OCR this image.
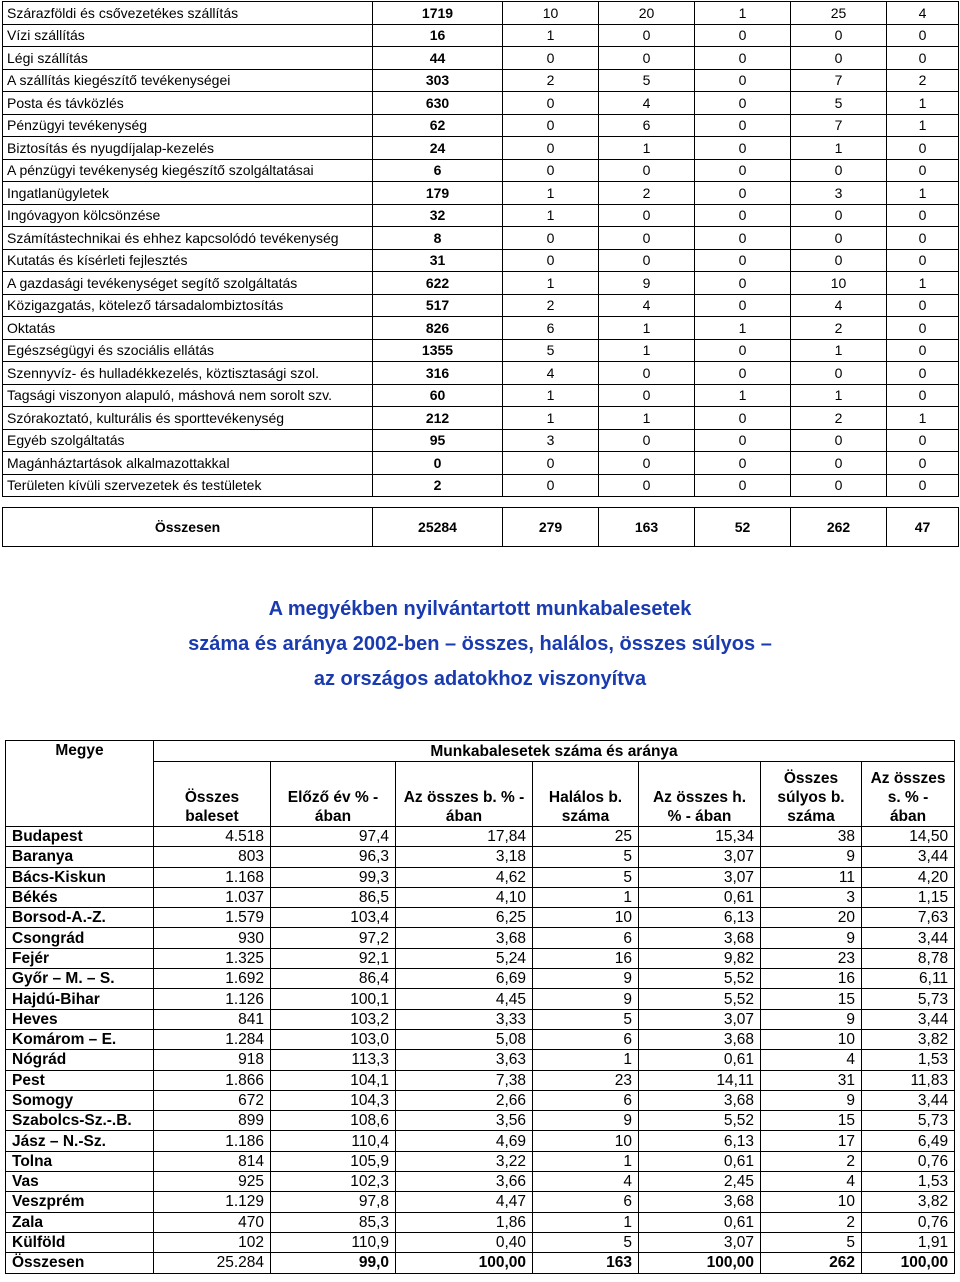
Szárazföldi és csővezetékes szállítás	1719	10	20	1	25	4
Vízi szállítás	16	1	0	0	0	0
Légi szállítás	44	0	0	0	0	0
A szállítás kiegészítő tevékenységei	303	2	5	0	7	2
Posta és távközlés	630	0	4	0	5	1
Pénzügyi tevékenység	62	0	6	0	7	1
Biztosítás és nyugdíjalap-kezelés	24	0	1	0	1	0
A pénzügyi tevékenység kiegészítő szolgáltatásai	6	0	0	0	0	0
Ingatlanügyletek	179	1	2	0	3	1
Ingóvagyon kölcsönzése	32	1	0	0	0	0
Számítástechnikai és ehhez kapcsolódó tevékenység	8	0	0	0	0	0
Kutatás és kísérleti fejlesztés	31	0	0	0	0	0
A gazdasági tevékenységet segítő szolgáltatás	622	1	9	0	10	1
Közigazgatás, kötelező társadalombiztosítás	517	2	4	0	4	0
Oktatás	826	6	1	1	2	0
Egészségügyi és szociális ellátás	1355	5	1	0	1	0
Szennyvíz- és hulladékkezelés, köztisztasági szol.	316	4	0	0	0	0
Tagsági viszonyon alapuló, máshová nem sorolt szv.	60	1	0	1	1	0
Szórakoztató, kulturális és sporttevékenység	212	1	1	0	2	1
Egyéb szolgáltatás	95	3	0	0	0	0
Magánháztartások alkalmazottakkal	0	0	0	0	0	0
Területen kívüli szervezetek és testületek	2	0	0	0	0	0

Összesen	25284	279	163	52	262	47
A megyékben nyilvántartott munkabalesetek
száma és aránya 2002-ben – összes, halálos, összes súlyos –
az országos adatokhoz viszonyítva
Megye	Munkabalesetek száma és aránya						
	Összes baleset	Előző év % - ában	Az összes b. % - ában	Halálos b. száma	Az összes h. % - ában	Összes súlyos b. száma	Az összes s. % - ában
Budapest	4.518	97,4	17,84	25	15,34	38	14,50
Baranya	803	96,3	3,18	5	3,07	9	3,44
Bács-Kiskun	1.168	99,3	4,62	5	3,07	11	4,20
Békés	1.037	86,5	4,10	1	0,61	3	1,15
Borsod-A.-Z.	1.579	103,4	6,25	10	6,13	20	7,63
Csongrád	930	97,2	3,68	6	3,68	9	3,44
Fejér	1.325	92,1	5,24	16	9,82	23	8,78
Győr – M. – S.	1.692	86,4	6,69	9	5,52	16	6,11
Hajdú-Bihar	1.126	100,1	4,45	9	5,52	15	5,73
Heves	841	103,2	3,33	5	3,07	9	3,44
Komárom – E.	1.284	103,0	5,08	6	3,68	10	3,82
Nógrád	918	113,3	3,63	1	0,61	4	1,53
Pest	1.866	104,1	7,38	23	14,11	31	11,83
Somogy	672	104,3	2,66	6	3,68	9	3,44
Szabolcs-Sz.-.B.	899	108,6	3,56	9	5,52	15	5,73
Jász – N.-Sz.	1.186	110,4	4,69	10	6,13	17	6,49
Tolna	814	105,9	3,22	1	0,61	2	0,76
Vas	925	102,3	3,66	4	2,45	4	1,53
Veszprém	1.129	97,8	4,47	6	3,68	10	3,82
Zala	470	85,3	1,86	1	0,61	2	0,76
Külföld	102	110,9	0,40	5	3,07	5	1,91
Összesen	25.284	99,0	100,00	163	100,00	262	100,00
